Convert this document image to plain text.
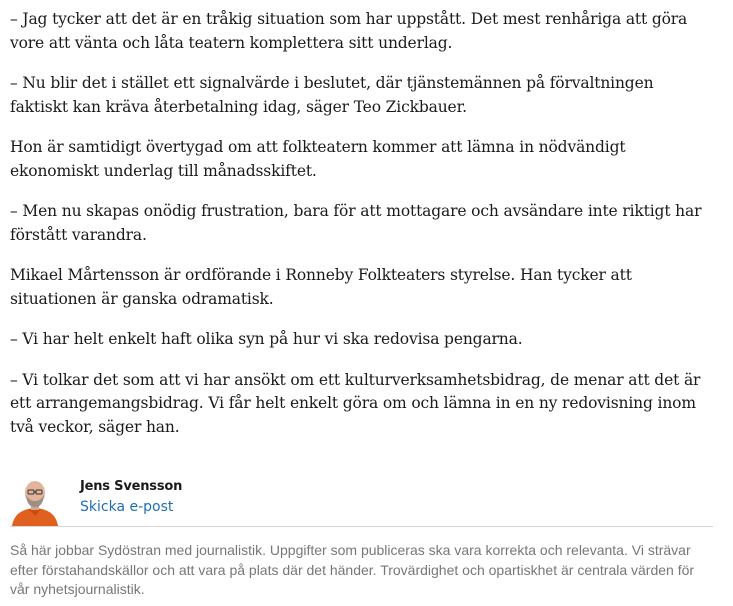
– Jag tycker att det är en tråkig situation som har uppstått. Det mest renhåriga att göra vore att vänta och låta teatern komplettera sitt underlag.

– Nu blir det i stället ett signalvärde i beslutet, där tjänstemännen på förvaltningen faktiskt kan kräva återbetalning idag, säger Teo Zickbauer.

Hon är samtidigt övertygad om att folkteatern kommer att lämna in nödvändigt ekonomiskt underlag till månadsskiftet.

– Men nu skapas onödig frustration, bara för att mottagare och avsändare inte riktigt har förstått varandra.

Mikael Mårtensson är ordförande i Ronneby Folkteaters styrelse. Han tycker att situationen är ganska odramatisk.

– Vi har helt enkelt haft olika syn på hur vi ska redovisa pengarna.

– Vi tolkar det som att vi har ansökt om ett kulturverksamhetsbidrag, de menar att det är ett arrangemangsbidrag. Vi får helt enkelt göra om och lämna in en ny redovisning inom två veckor, säger han.

Jens Svensson
Skicka e-post

Så här jobbar Sydöstran med journalistik. Uppgifter som publiceras ska vara korrekta och relevanta. Vi strävar efter förstahandskällor och att vara på plats där det händer. Trovärdighet och opartiskhet är centrala värden för vår nyhetsjournalistik.
